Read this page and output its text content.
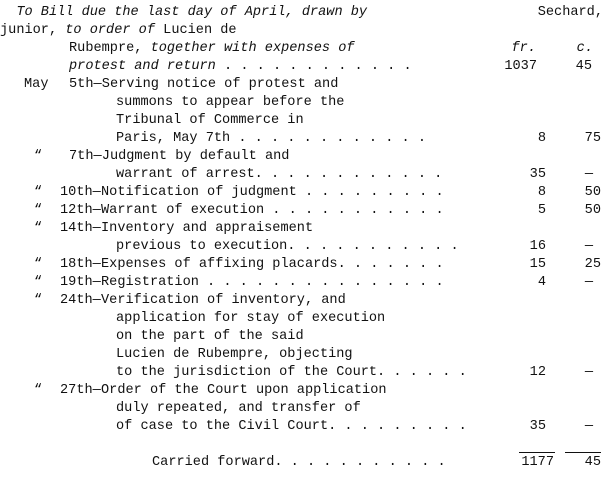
To Bill due the last day of April, drawn by	Sechard,
junior, to order of Lucien de
Rubempre, together with expenses of	fr.	c.
protest and return . . . . . . . . . . . .	1037	45
May 5th— Serving notice of protest and
summons to appear before the
Tribunal of Commerce in
Paris, May 7th . . . . . . . . . . . .	8	75
“ 7th— Judgment by default and
warrant of arrest. . . . . . . . . . . .	35	—
“ 10th— Notification of judgment . . . . . . . . .	8	50
“ 12th— Warrant of execution . . . . . . . . . . .	5	50
“ 14th— Inventory and appraisement
previous to execution. . . . . . . . . . .	16	—
“ 18th— Expenses of affixing placards. . . . . . .	15	25
“ 19th— Registration . . . . . . . . . . . . . . .	4	—
“ 24th— Verification of inventory, and
application for stay of execution
on the part of the said
Lucien de Rubempre, objecting
to the jurisdiction of the Court. . . . . .	12	—
“ 27th— Order of the Court upon application
duly repeated, and transfer of
of case to the Civil Court. . . . . . . . .	35	—
Carried forward. . . . . . . . . . .	1177 45
